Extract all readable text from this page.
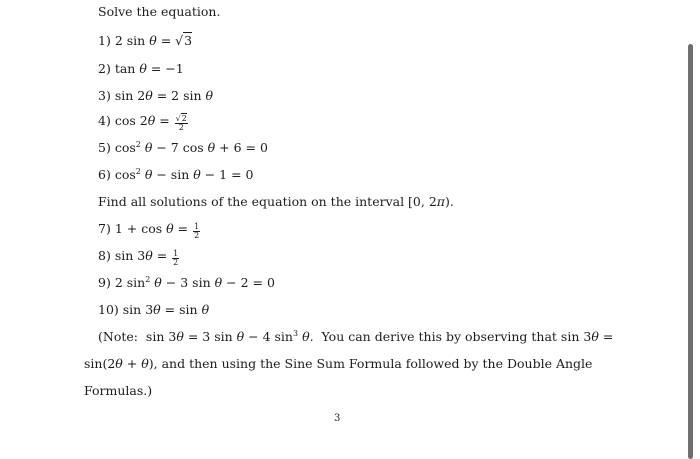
Solve the equation.
1) 2 sin θ = √3
2) tan θ = −1
3) sin 2θ = 2 sin θ
4) $\cos 2\theta = \frac{√2}{2}$
5) $\cos^2 \theta - 7$ cos θ + 6 = 0
6) $\cos^2 \theta - \sin \theta - 1 = 0$
Find all solutions of the equation on the interval [0, 2π).
7) $1 + \cos \theta = \frac{1}{2}$
8) $\sin 3\theta = \frac{1}{2}$
9) 2 $\sin^2 \theta - 3$ sin θ − 2 = 0
10) sin 3θ = sin θ
(Note:  sin 3θ = 3 sin θ − 4 $\sin^3 \theta$.  You can derive this by observing that sin 3θ =
sin(2θ + θ), and then using the Sine Sum Formula followed by the Double Angle
Formulas.)
3
